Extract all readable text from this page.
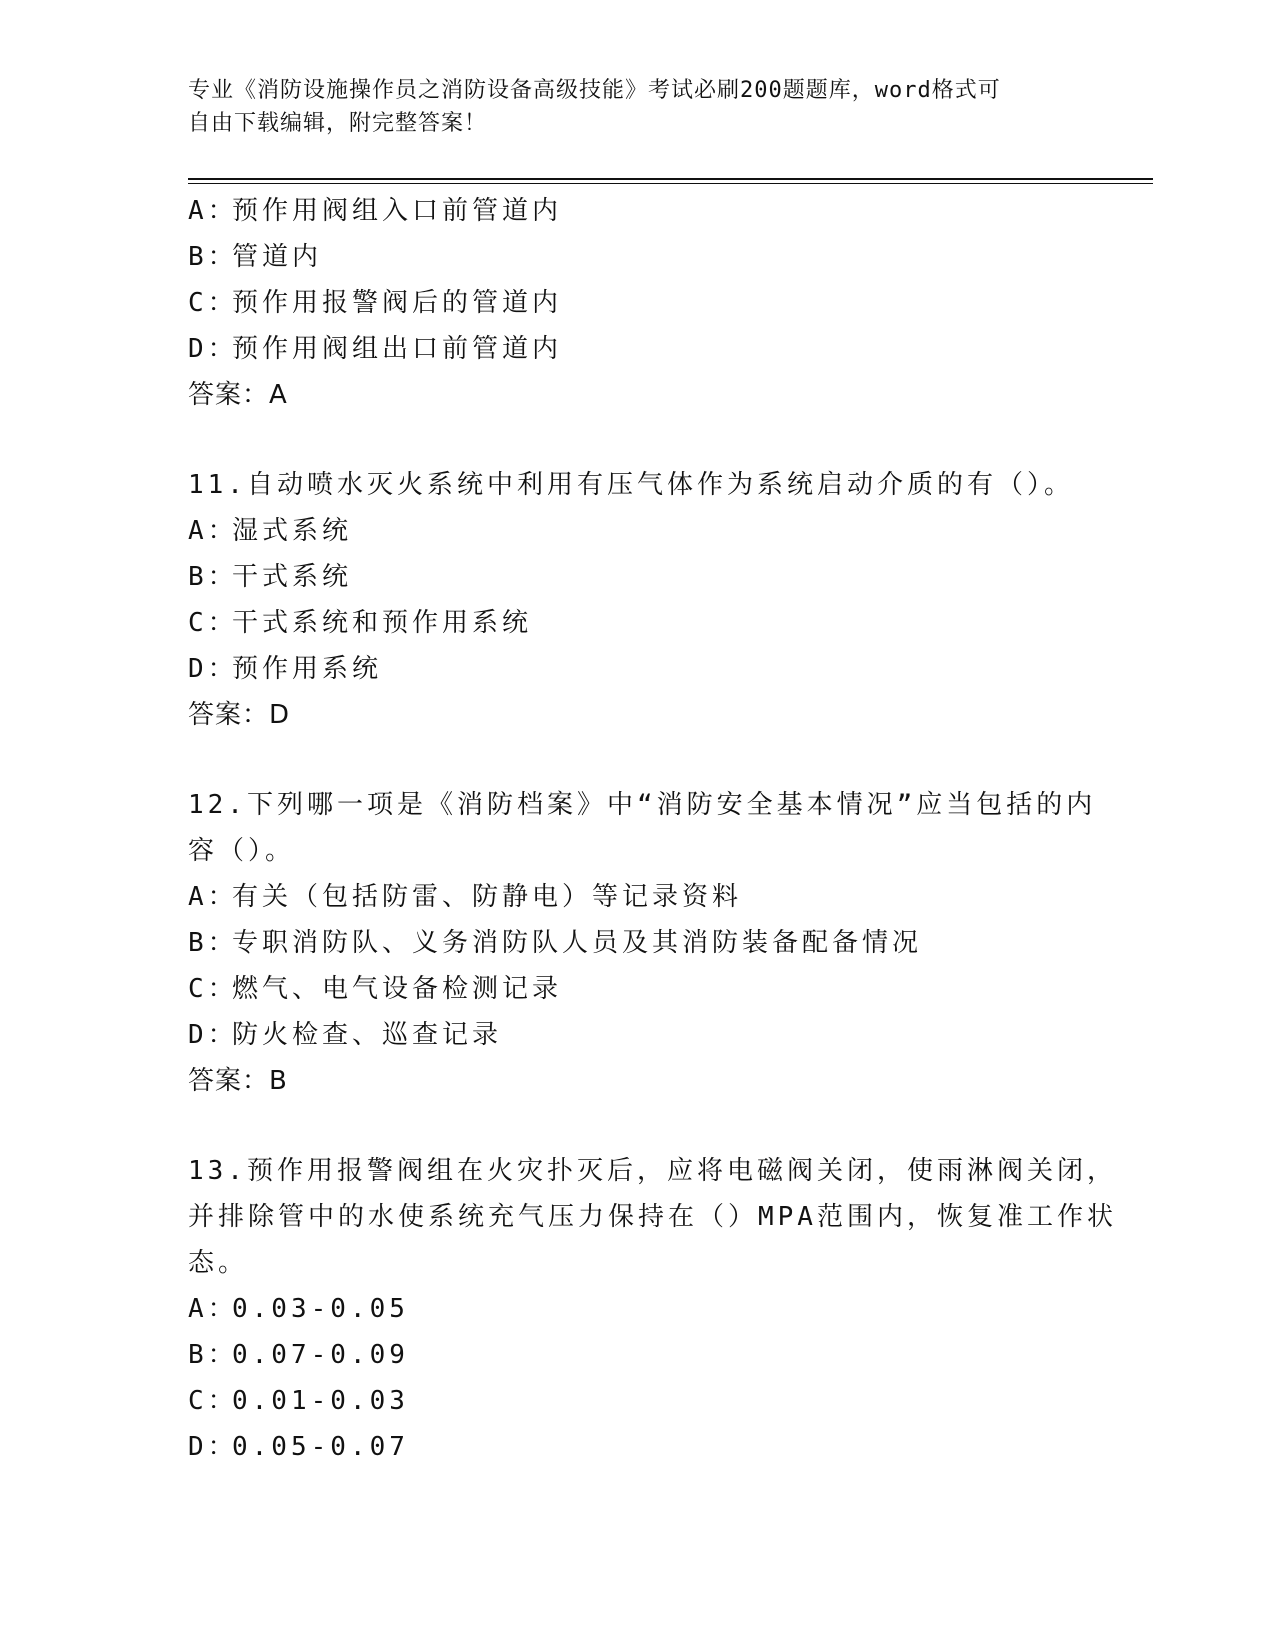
专业《消防设施操作员之消防设备高级技能》考试必刷200题题库，word格式可
自由下载编辑，附完整答案！
A：预作用阀组入口前管道内
B：管道内
C：预作用报警阀后的管道内
D：预作用阀组出口前管道内
答案：A
11.自动喷水灭火系统中利用有压气体作为系统启动介质的有（）。
A：湿式系统
B：干式系统
C：干式系统和预作用系统
D：预作用系统
答案：D
12.下列哪一项是《消防档案》中“消防安全基本情况”应当包括的内
容（）。
A：有关（包括防雷、防静电）等记录资料
B：专职消防队、义务消防队人员及其消防装备配备情况
C：燃气、电气设备检测记录
D：防火检查、巡查记录
答案：B
13.预作用报警阀组在火灾扑灭后，应将电磁阀关闭，使雨淋阀关闭，
并排除管中的水使系统充气压力保持在（）MPA范围内，恢复准工作状
态。
A：0.03-0.05
B：0.07-0.09
C：0.01-0.03
D：0.05-0.07
